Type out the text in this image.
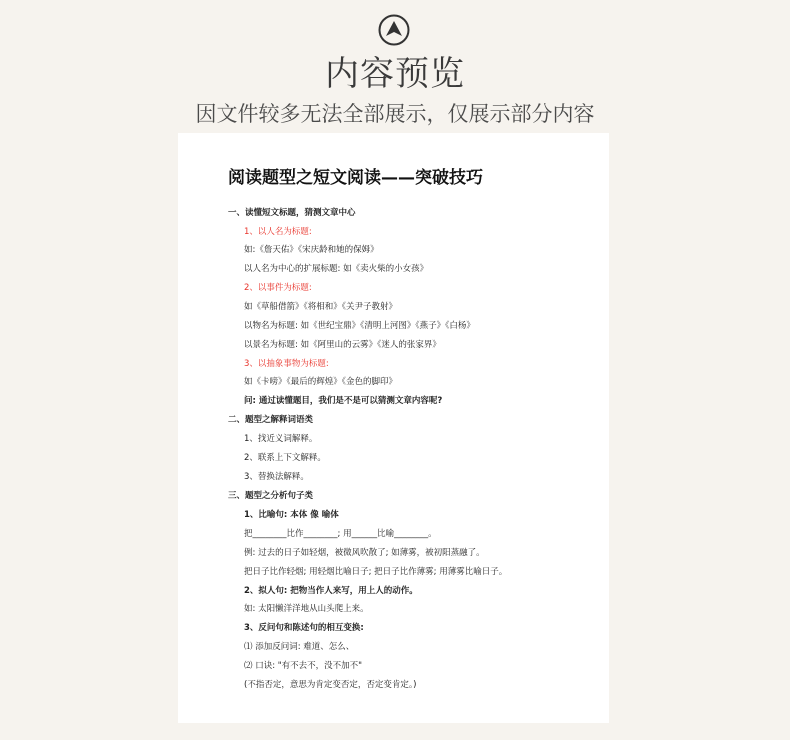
内容预览

因文件较多无法全部展示，仅展示部分内容

阅读题型之短文阅读——突破技巧
一、读懂短文标题，猜测文章中心
1、以人名为标题:
如:《詹天佑》《宋庆龄和她的保姆》
以人名为中心的扩展标题: 如《卖火柴的小女孩》
2、以事件为标题:
如《草船借箭》《将相和》《关尹子教射》
以物名为标题: 如《世纪宝鼎》《清明上河图》《燕子》《白杨》
以景名为标题: 如《阿里山的云雾》《迷人的张家界》
3、以抽象事物为标题:
如《卡嗙》《最后的辉煌》《金色的脚印》
问: 通过读懂题目，我们是不是可以猜测文章内容呢?
二、题型之解释词语类
1、找近义词解释。
2、联系上下文解释。
3、替换法解释。
三、题型之分析句子类
1、比喻句: 本体 像 喻体
把________比作________; 用______比喻________。
例: 过去的日子如轻烟，被微风吹散了; 如薄雾，被初阳蒸融了。
把日子比作轻烟; 用轻烟比喻日子; 把日子比作薄雾; 用薄雾比喻日子。
2、拟人句: 把物当作人来写，用上人的动作。
如: 太阳懒洋洋地从山头爬上来。
3、反问句和陈述句的相互变换:
⑴ 添加反问词: 难道、怎么、
⑵ 口诀: "有不去不，没不加不"
(不指否定，意思为肯定变否定，否定变肯定。)
